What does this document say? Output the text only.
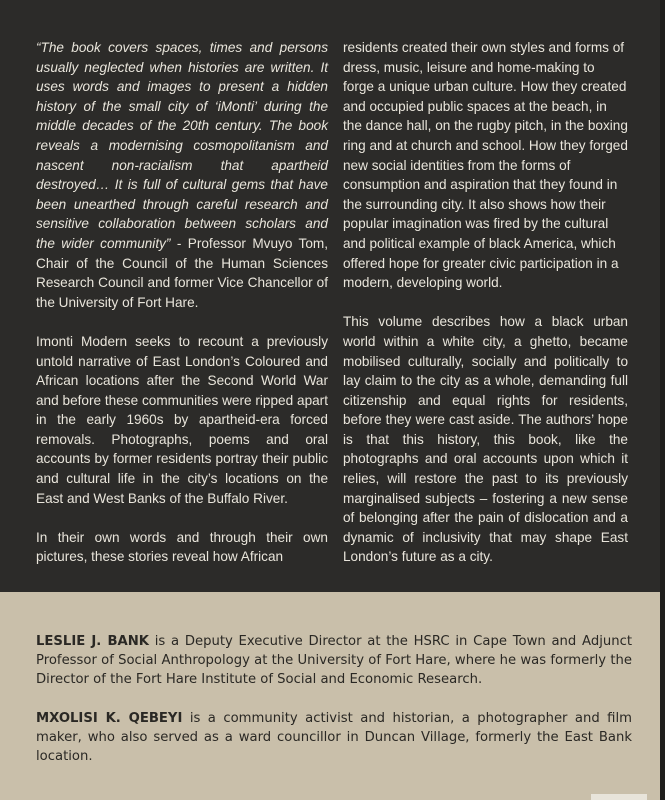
“The book covers spaces, times and persons usually neglected when histories are written. It uses words and images to present a hidden history of the small city of ‘iMonti’ during the middle decades of the 20th century. The book reveals a modernising cosmopolitanism and nascent non-racialism that apartheid destroyed… It is full of cultural gems that have been unearthed through careful research and sensitive collaboration between scholars and the wider community” - Professor Mvuyo Tom, Chair of the Council of the Human Sciences Research Council and former Vice Chancellor of the University of Fort Hare.

Imonti Modern seeks to recount a previously untold narrative of East London’s Coloured and African locations after the Second World War and before these communities were ripped apart in the early 1960s by apartheid-era forced removals. Photographs, poems and oral accounts by former residents portray their public and cultural life in the city’s locations on the East and West Banks of the Buffalo River.

In their own words and through their own pictures, these stories reveal how African

residents created their own styles and forms of dress, music, leisure and home-making to forge a unique urban culture. How they created and occupied public spaces at the beach, in the dance hall, on the rugby pitch, in the boxing ring and at church and school. How they forged new social identities from the forms of consumption and aspiration that they found in the surrounding city. It also shows how their popular imagination was fired by the cultural and political example of black America, which offered hope for greater civic participation in a modern, developing world.

This volume describes how a black urban world within a white city, a ghetto, became mobilised culturally, socially and politically to lay claim to the city as a whole, demanding full citizenship and equal rights for residents, before they were cast aside. The authors’ hope is that this history, this book, like the photographs and oral accounts upon which it relies, will restore the past to its previously marginalised subjects – fostering a new sense of belonging after the pain of dislocation and a dynamic of inclusivity that may shape East London’s future as a city.

LESLIE J. BANK is a Deputy Executive Director at the HSRC in Cape Town and Adjunct Professor of Social Anthropology at the University of Fort Hare, where he was formerly the Director of the Fort Hare Institute of Social and Economic Research.
MXOLISI K. QEBEYI is a community activist and historian, a photographer and film maker, who also served as a ward councillor in Duncan Village, formerly the East Bank location.
